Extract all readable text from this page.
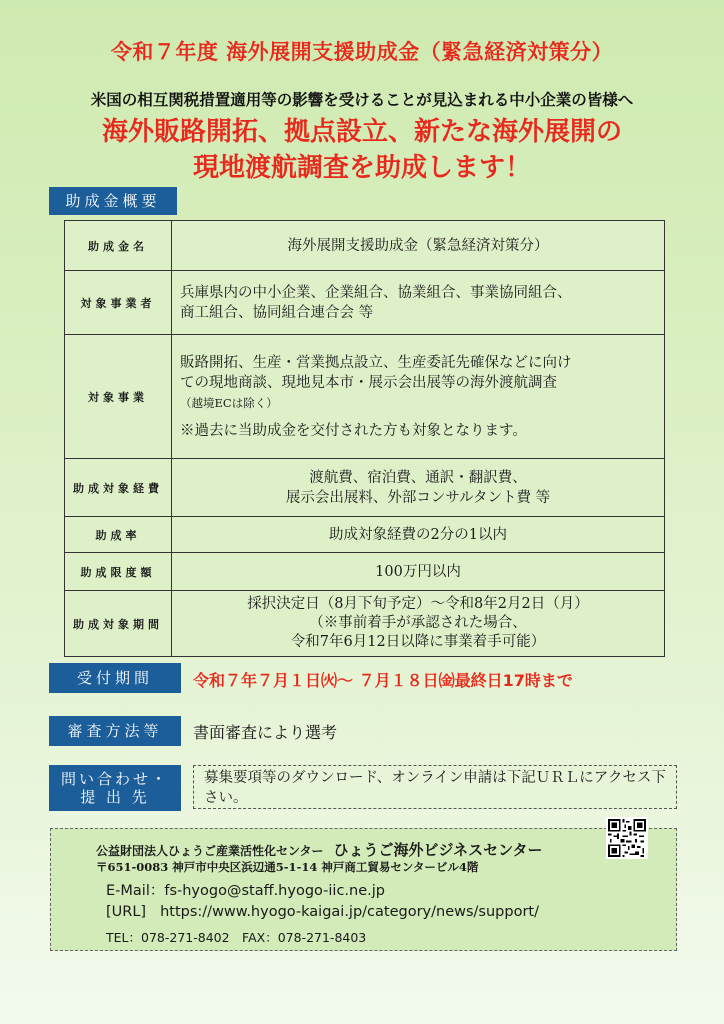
令和７年度 海外展開支援助成金（緊急経済対策分）
米国の相互関税措置適用等の影響を受けることが見込まれる中小企業の皆様へ
海外販路開拓、拠点設立、新たな海外展開の
現地渡航調査を助成します！
助成金概要
助成金名	海外展開支援助成金（緊急経済対策分）

対象事業者	兵庫県内の中小企業、企業組合、協業組合、事業協同組合、
商工組合、協同組合連合会 等

対象事業	販路開拓、生産・営業拠点設立、生産委託先確保などに向け
ての現地商談、現地見本市・展示会出展等の海外渡航調査
（越境ECは除く）
※過去に当助成金を交付された方も対象となります。

助成対象経費	渡航費、宿泊費、通訳・翻訳費、
展示会出展料、外部コンサルタント費 等

助成率	助成対象経費の2分の1以内

助成限度額	100万円以内

助成対象期間	採択決定日（8月下旬予定）～令和8年2月2日（月）
（※事前着手が承認された場合、
令和7年6月12日以降に事業着手可能）
受付期間	令和７年７月１日㈫～ ７月１８日㈮最終日17時まで
審査方法等	書面審査により選考
問い合わせ・
提 出 先
募集要項等のダウンロード、オンライン申請は下記ＵＲＬにアクセス下さい。
公益財団法人ひょうご産業活性化センター ひょうご海外ビジネスセンター
〒651-0083 神戸市中央区浜辺通5-1-14 神戸商工貿易センタービル4階
E-Mail：fs-hyogo@staff.hyogo-iic.ne.jp
[URL] https://www.hyogo-kaigai.jp/category/news/support/
TEL：078-271-8402　FAX：078-271-8403
